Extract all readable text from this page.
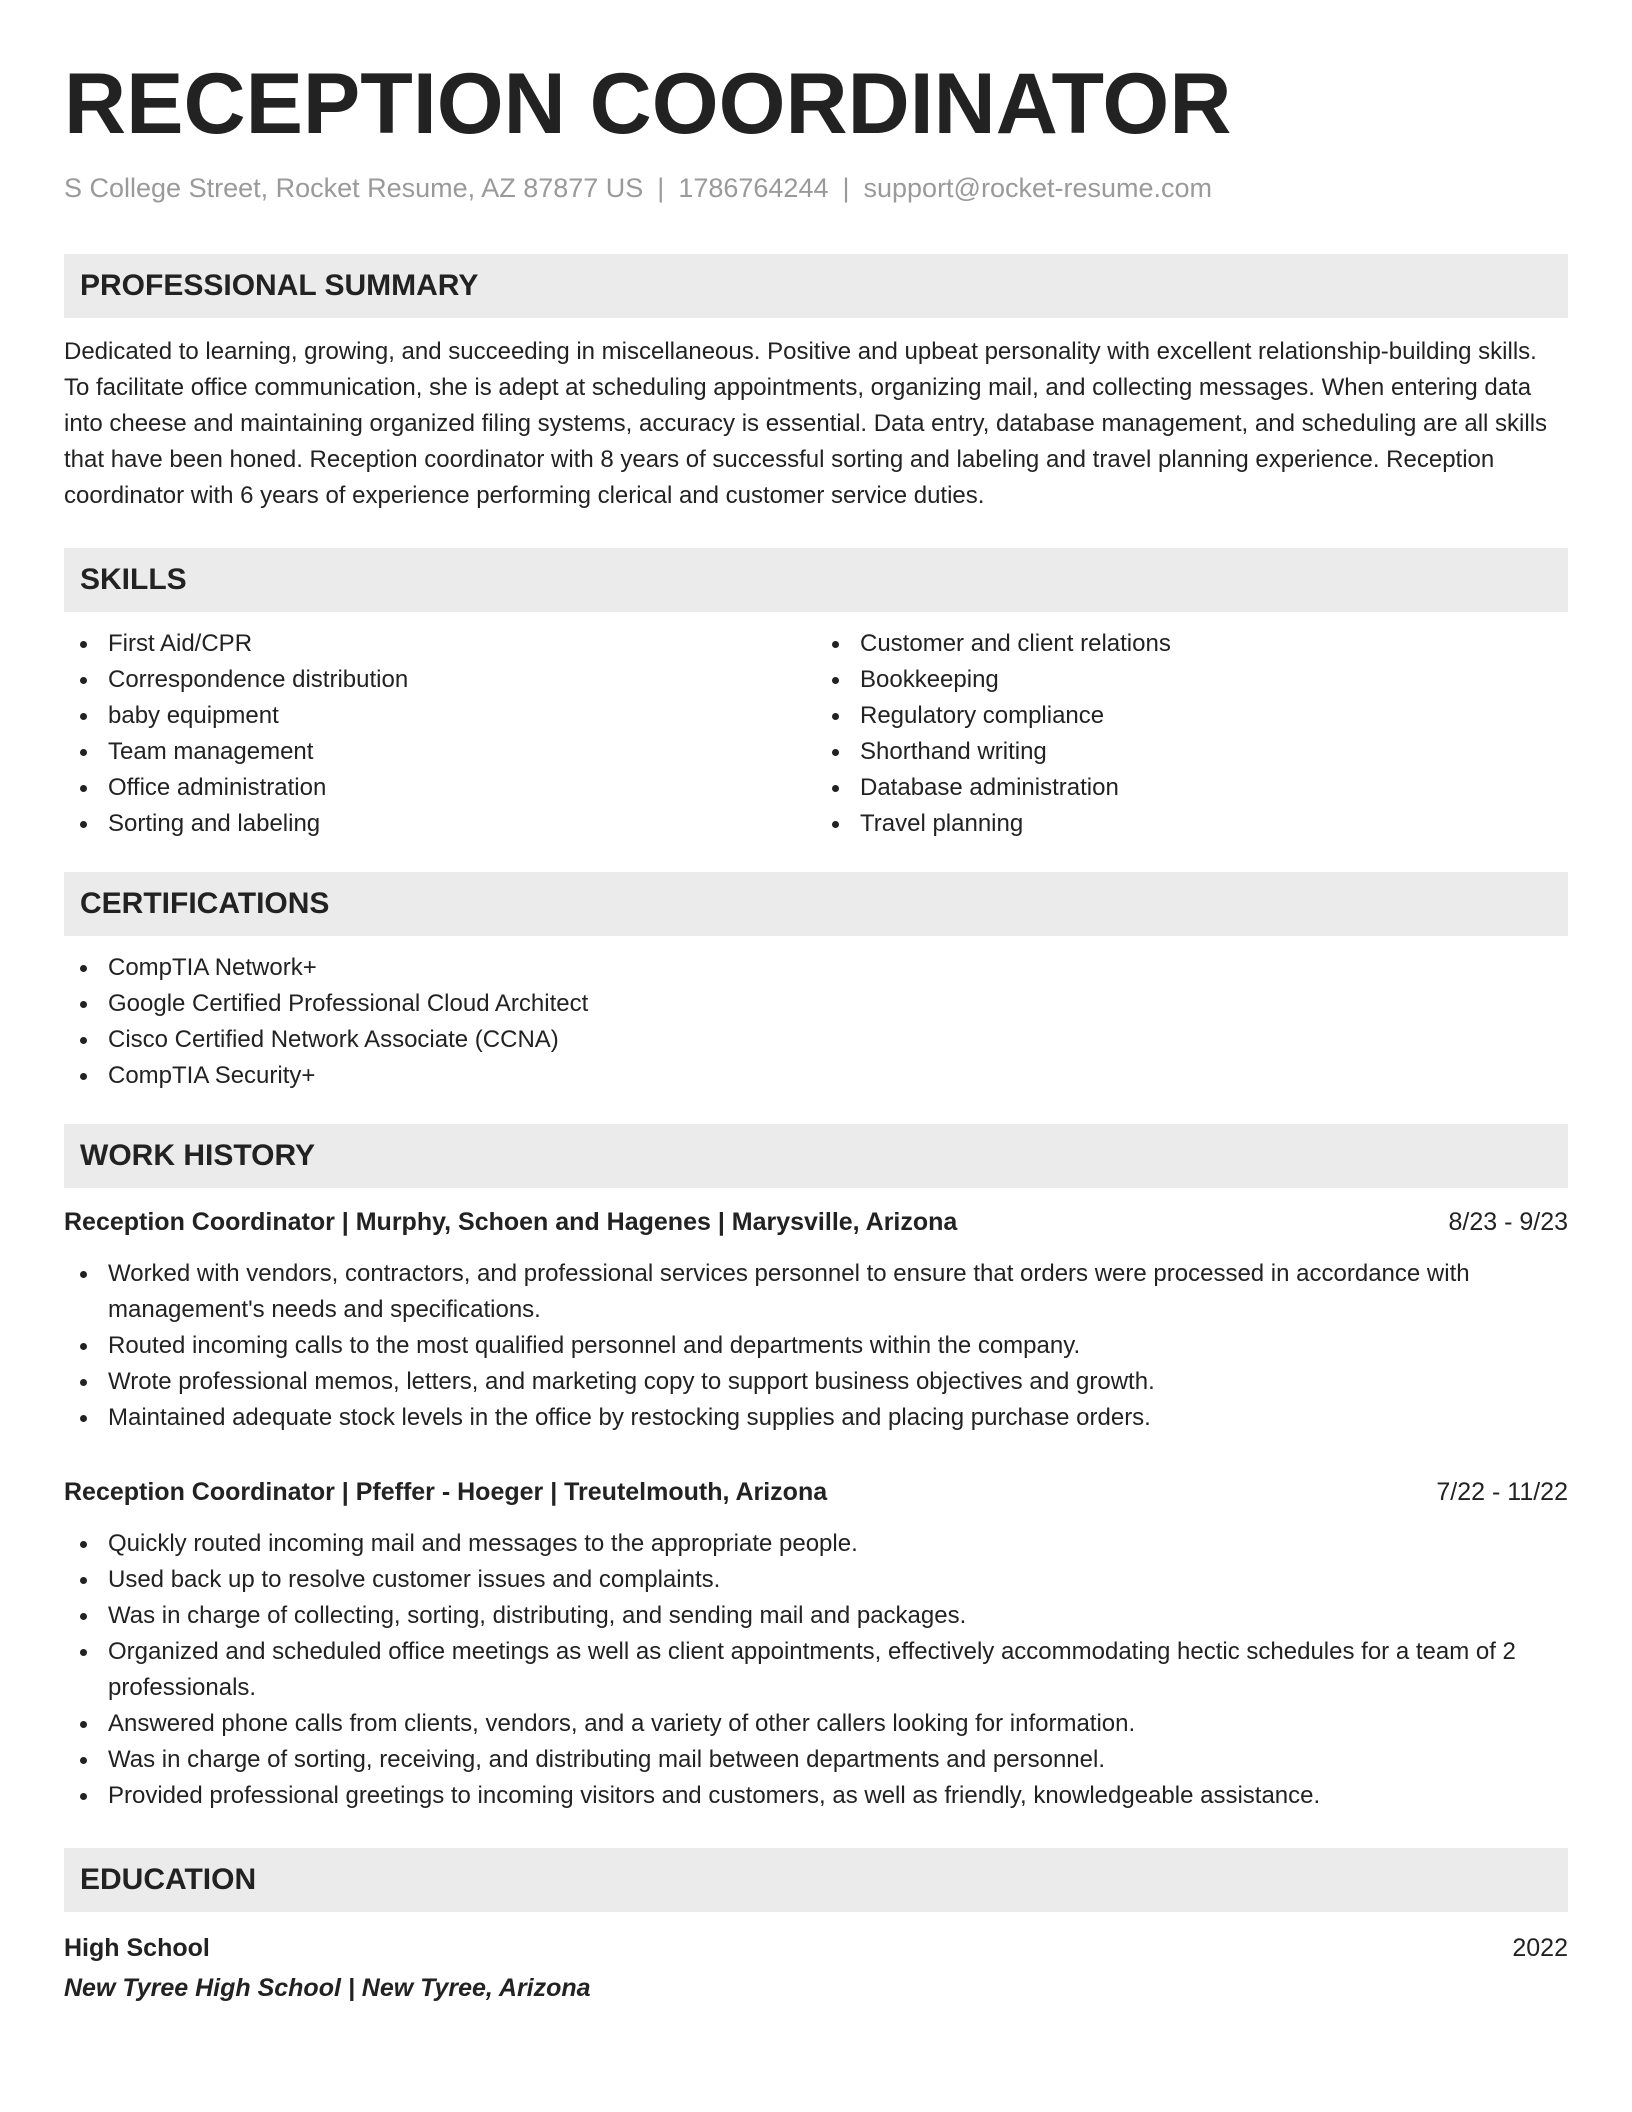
RECEPTION COORDINATOR
S College Street, Rocket Resume, AZ 87877 US | 1786764244 | support@rocket-resume.com
PROFESSIONAL SUMMARY
Dedicated to learning, growing, and succeeding in miscellaneous. Positive and upbeat personality with excellent relationship-building skills. To facilitate office communication, she is adept at scheduling appointments, organizing mail, and collecting messages. When entering data into cheese and maintaining organized filing systems, accuracy is essential. Data entry, database management, and scheduling are all skills that have been honed. Reception coordinator with 8 years of successful sorting and labeling and travel planning experience. Reception coordinator with 6 years of experience performing clerical and customer service duties.
SKILLS
First Aid/CPR
Correspondence distribution
baby equipment
Team management
Office administration
Sorting and labeling
Customer and client relations
Bookkeeping
Regulatory compliance
Shorthand writing
Database administration
Travel planning
CERTIFICATIONS
CompTIA Network+
Google Certified Professional Cloud Architect
Cisco Certified Network Associate (CCNA)
CompTIA Security+
WORK HISTORY
Reception Coordinator | Murphy, Schoen and Hagenes | Marysville, Arizona	8/23 - 9/23
Worked with vendors, contractors, and professional services personnel to ensure that orders were processed in accordance with management's needs and specifications.
Routed incoming calls to the most qualified personnel and departments within the company.
Wrote professional memos, letters, and marketing copy to support business objectives and growth.
Maintained adequate stock levels in the office by restocking supplies and placing purchase orders.
Reception Coordinator | Pfeffer - Hoeger | Treutelmouth, Arizona	7/22 - 11/22
Quickly routed incoming mail and messages to the appropriate people.
Used back up to resolve customer issues and complaints.
Was in charge of collecting, sorting, distributing, and sending mail and packages.
Organized and scheduled office meetings as well as client appointments, effectively accommodating hectic schedules for a team of 2 professionals.
Answered phone calls from clients, vendors, and a variety of other callers looking for information.
Was in charge of sorting, receiving, and distributing mail between departments and personnel.
Provided professional greetings to incoming visitors and customers, as well as friendly, knowledgeable assistance.
EDUCATION
High School	2022
New Tyree High School | New Tyree, Arizona
